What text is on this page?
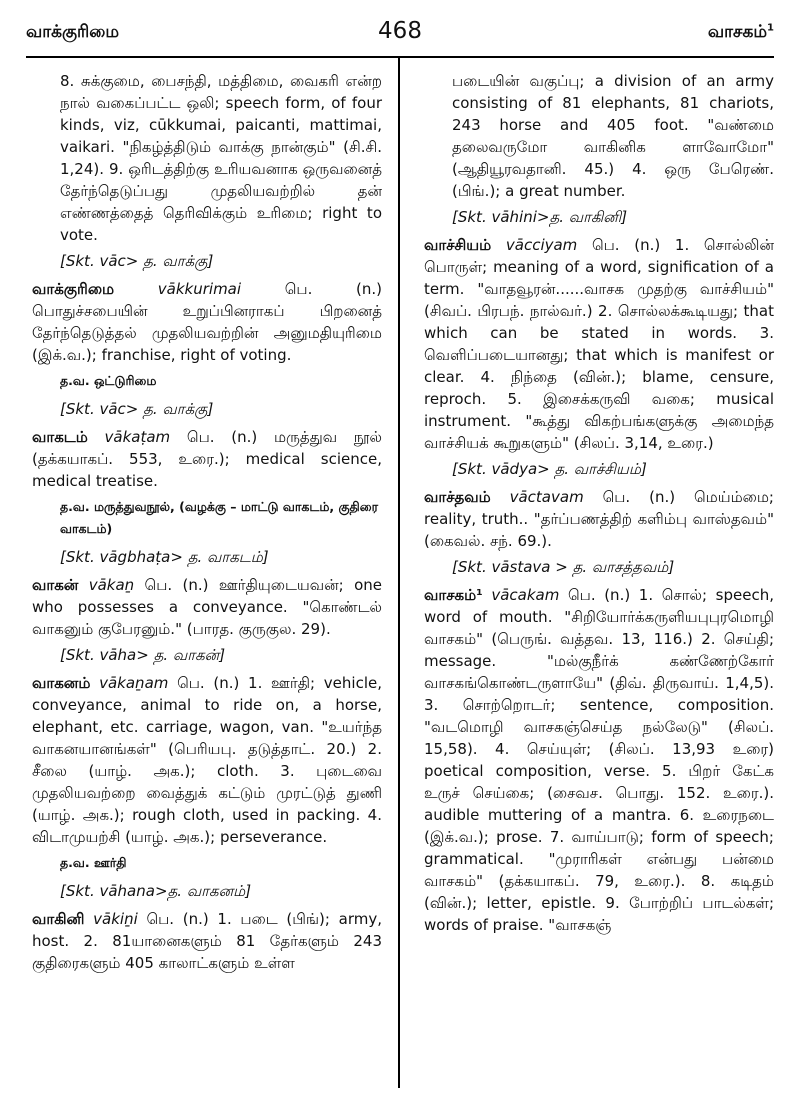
வாக்குரிமை	468	வாசகம்$^1$

8. சுக்குமை, பைசந்தி, மத்திமை, வைகரி என்ற நால் வகைப்பட்ட ஒலி; speech form, of four kinds, viz, cūkkumai, paicanti, mattimai, vaikari. "நிகழ்த்திடும் வாக்கு நான்கும்" (சி.சி. 1,24). 9. ஒரிடத்திற்கு உரியவனாக ஒருவனைத் தேர்ந்தெடுப்பது முதலியவற்றில் தன் எண்ணத்தைத் தெரிவிக்கும் உரிமை; right to vote.

[Skt. vāc> த. வாக்கு]

வாக்குரிமை	vākkurimai பெ. (n.) பொதுச்சபையின் உறுப்பினராகப் பிறனைத் தேர்ந்தெடுத்தல் முதலியவற்றின் அனுமதியுரிமை (இக்.வ.); franchise, right of voting.

த.வ. ஒட்டுரிமை
[Skt. vāc> த. வாக்கு]

வாகடம் vākaṭam பெ. (n.) மருத்துவ நூல் (தக்கயாகப். 553, உரை.); medical science, medical treatise.

த.வ. மருத்துவநூல், (வழக்கு – மாட்டு வாகடம், குதிரை வாகடம்)
[Skt. vāgbhaṭa> த. வாகடம்]

வாகன் vākaṉ பெ. (n.) ஊர்தியுடையவன்; one who possesses a conveyance. "கொண்டல் வாகனும் குபேரனும்." (பாரத. குருகுல. 29).

[Skt. vāha> த. வாகன்]

வாகனம் vākaṉam பெ. (n.) 1. ஊர்தி; vehicle, conveyance, animal to ride on, a horse, elephant, etc. carriage, wagon, van. "உயர்ந்த வாகனயானங்கள்" (பெரியபு. தடுத்தாட். 20.) 2. சீலை (யாழ். அக.); cloth. 3. புடைவை முதலியவற்றை வைத்துக் கட்டும் முரட்டுத் துணி (யாழ். அக.); rough cloth, used in packing. 4. விடாமுயற்சி (யாழ். அக.); perseverance.

த.வ. ஊர்தி
[Skt. vāhana>த. வாகனம்]

வாகினி vākiṉi பெ. (n.) 1. படை (பிங்); army, host. 2. 81யானைகளும் 81 தேர்களும் 243 குதிரைகளும் 405 காலாட்களும் உள்ள

படையின் வகுப்பு; a division of an army consisting of 81 elephants, 81 chariots, 243 horse and 405 foot. "வண்மை தலைவருமோ வாகினிக ளாவோமோ" (ஆதியூரவதானி. 45.) 4. ஒரு பேரெண். (பிங்.); a great number.

[Skt. vāhini>த. வாகினி]

வாச்சியம் vācciyam பெ. (n.) 1. சொல்லின் பொருள்; meaning of a word, signification of a term. "வாதவூரன்......வாசக முதற்கு வாச்சியம்" (சிவப். பிரபந். நால்வர்.) 2. சொல்லக்கூடியது; that which can be stated in words. 3. வெளிப்படையானது; that which is manifest or clear. 4. நிந்தை (வின்.); blame, censure, reproch. 5. இசைக்கருவி வகை; musical instrument. "கூத்து விகற்பங்களுக்கு அமைந்த வாச்சியக் கூறுகளும்" (சிலப். 3,14, உரை.)

[Skt. vādya> த. வாச்சியம்]

வாச்தவம் vāctavam பெ. (n.) மெய்ம்மை; reality, truth.. "தர்ப்பணத்திற் களிம்பு வாஸ்தவம்" (கைவல். சந். 69.).

[Skt. vāstava > த. வாசத்தவம்]

வாசகம்¹ vācakam பெ. (n.) 1. சொல்; speech, word of mouth. "சிறியோர்க்கருளியபுபுரமொழி வாசகம்" (பெருங். வத்தவ. 13, 116.) 2. செய்தி; message. "மல்குநீர்க் கண்ணேற்கோர் வாசகங்கொண்டருளாயே" (திவ். திருவாய். 1,4,5). 3. சொற்றொடர்; sentence, composition. "வடமொழி வாசகஞ்செய்த நல்லேடு" (சிலப். 15,58). 4. செய்யுள்; (சிலப். 13,93 உரை) poetical composition, verse. 5. பிறர் கேட்க உருச் செய்கை; (சைவச. பொது. 152. உரை.). audible muttering of a mantra. 6. உரைநடை (இக்.வ.); prose. 7. வாய்பாடு; form of speech; grammatical. "முராரிகள் என்பது பன்மை வாசகம்" (தக்கயாகப். 79, உரை.). 8. கடிதம் (வின்.); letter, epistle. 9. போற்றிப் பாடல்கள்; words of praise. "வாசகஞ்
